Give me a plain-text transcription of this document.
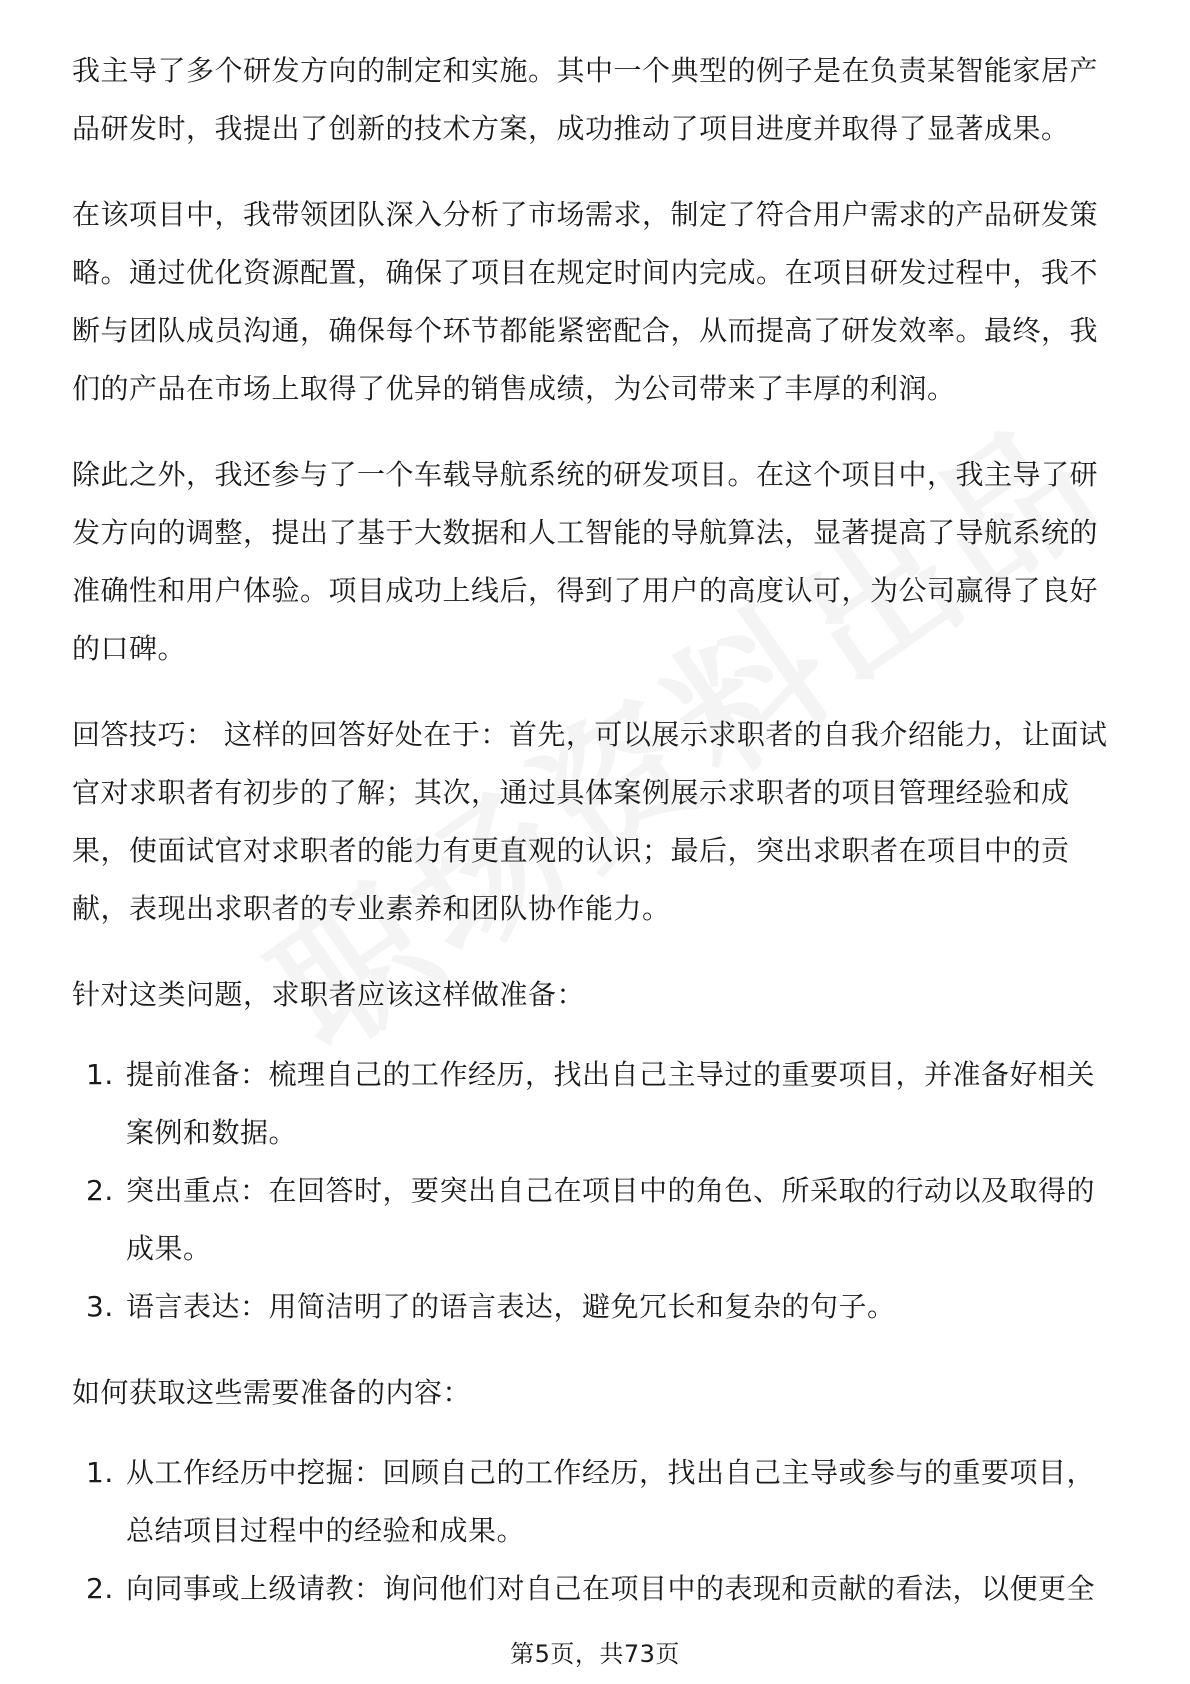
我主导了多个研发方向的制定和实施。其中一个典型的例子是在负责某智能家居产品研发时，我提出了创新的技术方案，成功推动了项目进度并取得了显著成果。

在该项目中，我带领团队深入分析了市场需求，制定了符合用户需求的产品研发策略。通过优化资源配置，确保了项目在规定时间内完成。在项目研发过程中，我不断与团队成员沟通，确保每个环节都能紧密配合，从而提高了研发效率。最终，我们的产品在市场上取得了优异的销售成绩，为公司带来了丰厚的利润。

除此之外，我还参与了一个车载导航系统的研发项目。在这个项目中，我主导了研发方向的调整，提出了基于大数据和人工智能的导航算法，显著提高了导航系统的准确性和用户体验。项目成功上线后，得到了用户的高度认可，为公司赢得了良好的口碑。

回答技巧： 这样的回答好处在于：首先，可以展示求职者的自我介绍能力，让面试官对求职者有初步的了解；其次，通过具体案例展示求职者的项目管理经验和成果，使面试官对求职者的能力有更直观的认识；最后，突出求职者在项目中的贡献，表现出求职者的专业素养和团队协作能力。

针对这类问题，求职者应该这样做准备：

1. 提前准备：梳理自己的工作经历，找出自己主导过的重要项目，并准备好相关案例和数据。
2. 突出重点：在回答时，要突出自己在项目中的角色、所采取的行动以及取得的成果。
3. 语言表达：用简洁明了的语言表达，避免冗长和复杂的句子。

如何获取这些需要准备的内容：

1. 从工作经历中挖掘：回顾自己的工作经历，找出自己主导或参与的重要项目，总结项目过程中的经验和成果。
2. 向同事或上级请教：询问他们对自己在项目中的表现和贡献的看法，以便更全
第5页，共73页
